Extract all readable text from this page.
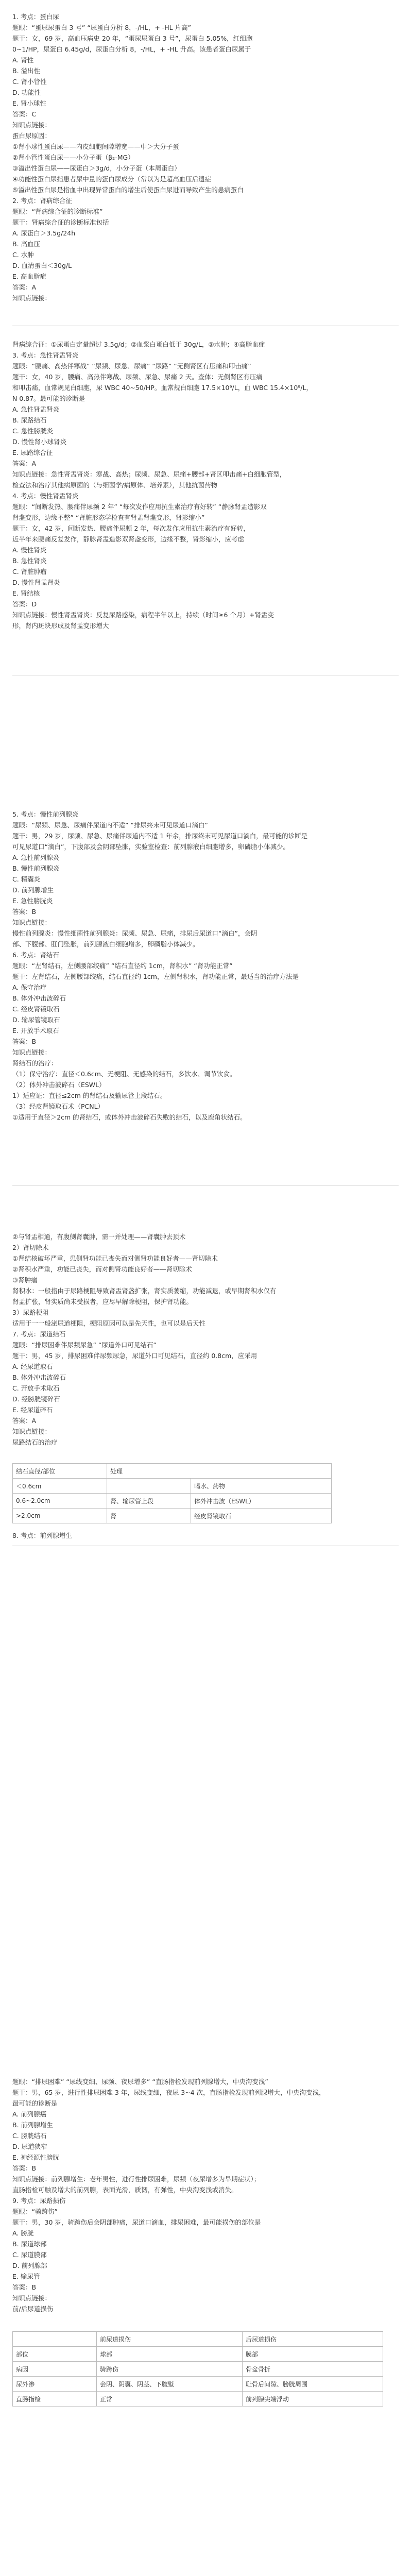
1. 考点：蛋白尿
题眼：“蛋尿尿蛋白 3 号” “尿蛋白分析 8，-/HL，+ -HL 片高”
题干：女，69 岁，高血压病史 20 年，“蛋尿尿蛋白 3 号”，尿蛋白 5.05%，红细胞
0~1/HP，尿蛋白 6.45g/d，尿蛋白分析 8，-/HL，+ -HL 升高。该患者蛋白尿属于
A. 肾性
B. 溢出性
C. 肾小管性
D. 功能性
E. 肾小球性
答案：C
知识点链接：
蛋白尿原因：
①肾小球性蛋白尿——内皮细胞间隙增宽——中＞大分子蛋
②肾小管性蛋白尿——小分子蛋（β₂-MG）
③溢出性蛋白尿——尿蛋白＞3g/d，小分子蛋（本周蛋白）
④功能性蛋白尿指患者尿中量的蛋白尿成分（常以为是超高血压后遗症
⑤溢出性蛋白尿是指血中出现异常蛋白的增生后使蛋白尿进而导致产生的患病蛋白
2. 考点：肾病综合征
题眼：“肾病综合征的诊断标准”
题干：肾病综合征的诊断标准包括
A. 尿蛋白＞3.5g/24h
B. 高血压
C. 水肿
D. 血清蛋白＜30g/L
E. 高血脂症
答案：A
知识点链接：
肾病综合征：①尿蛋白定量超过 3.5g/d；②血浆白蛋白低于 30g/L，③水肿；④高脂血症
3. 考点：急性肾盂肾炎
题眼：“腰痛、高热伴寒战” “尿频、尿急、尿痛” “尿路” “无侧肾区有压痛和叩击痛”
题干：女，40 岁，腰痛、高热伴寒战、尿频、尿急、尿痛 2 天。查体：无侧肾区有压痛
和叩击痛，血常规见白细胞，尿 WBC 40~50/HP。血常规白细胞 17.5×10⁹/L，血 WBC 15.4×10⁹/L，
N 0.87。最可能的诊断是
A. 急性肾盂肾炎
B. 尿路结石
C. 急性膀胱炎
D. 慢性肾小球肾炎
E. 尿路综合征
答案：A
知识点链接：急性肾盂肾炎：寒战、高热；尿频、尿急、尿痛+腰部+肾区叩击痛+白细胞管型，
检查法和治疗其他病原菌的（与细菌学/病原体、培养素），其他抗菌药物
4. 考点：慢性肾盂肾炎
题眼：“间断发热、腰痛伴尿频 2 年” “每次发作应用抗生素治疗有好转” “静脉肾盂造影双
肾盏变形，边缘不整” “肾脏形态学检查有肾盂肾盏变形，肾影缩小”
题干：女，42 岁，间断发热、腰痛伴尿频 2 年，每次发作应用抗生素治疗有好转，
近半年来腰痛反复发作，静脉肾盂造影双肾盏变形，边缘不整，肾影缩小，应考虑
A. 慢性肾炎
B. 急性肾炎
C. 肾脏肿瘤
D. 慢性肾盂肾炎
E. 肾结核
答案：D
知识点链接：慢性肾盂肾炎：反复尿路感染，病程半年以上，持续（时间≥6 个月）+肾盂变
形，肾内斑块形成及肾盂变形增大
5. 考点：慢性前列腺炎
题眼：“尿频、尿急、尿痛伴尿道内不适” “排尿终末可见尿道口滴白”
题干：男，29 岁，尿频、尿急、尿痛伴尿道内不适 1 年余，排尿终末可见尿道口滴白，最可能的诊断是
可见尿道口“滴白”，下腹部及会阴部坠胀，实验室检查：前列腺液白细胞增多，卵磷脂小体减少。
A. 急性前列腺炎
B. 慢性前列腺炎
C. 精囊炎
D. 前列腺增生
E. 急性膀胱炎
答案：B
知识点链接：
慢性前列腺炎：慢性细菌性前列腺炎：尿频、尿急、尿痛，排尿后尿道口“滴白”，会阴
部、下腹部、肛门坠胀，前列腺液白细胞增多，卵磷脂小体减少。
6. 考点：肾结石
题眼：“左肾结石，左侧腰部绞痛” “结石直径约 1cm，肾积水” “肾功能正常”
题干：左肾结石，左侧腰部绞痛，结石直径约 1cm，左侧肾积水，肾功能正常，最适当的治疗方法是
A. 保守治疗
B. 体外冲击波碎石
C. 经皮肾镜取石
D. 输尿管镜取石
E. 开放手术取石
答案：B
知识点链接：
肾结石的治疗：
（1）保守治疗：直径＜0.6cm、无梗阻、无感染的结石，多饮水、调节饮食。
（2）体外冲击波碎石（ESWL）
1）适应证：直径≤2cm 的肾结石及输尿管上段结石。
（3）经皮肾镜取石术（PCNL）
①适用于直径＞2cm 的肾结石，或体外冲击波碎石失败的结石，以及鹿角状结石。
②与肾盂相通，有腹侧肾囊肿，需一并处理——肾囊肿去顶术
2）肾切除术
①肾结核破坏严重，患侧肾功能已丧失而对侧肾功能良好者——肾切除术
②肾积水严重，功能已丧失，而对侧肾功能良好者——肾切除术
③肾肿瘤
肾积水：一般指由于尿路梗阻导致肾盂肾盏扩张，肾实质萎缩，功能减退，或早期肾积水仅有
肾盂扩张，肾实质尚未受损者，应尽早解除梗阻，保护肾功能。
3）尿路梗阻
适用于一一般泌尿道梗阻，梗阻原因可以是先天性，也可以是后天性
7. 考点：尿道结石
题眼：“排尿困难伴尿频尿急” “尿道外口可见结石”
题干：男，45 岁，排尿困难伴尿频尿急，尿道外口可见结石，直径约 0.8cm，应采用
A. 经尿道取石
B. 体外冲击波碎石
C. 开放手术取石
D. 经膀胱镜碎石
E. 经尿道碎石
答案：A
知识点链接：
尿路结石的治疗
结石直径/部位	处理	
＜0.6cm		喝水、药物
0.6~2.0cm	肾、输尿管上段	体外冲击波（ESWL）
>2.0cm	肾	经皮肾镜取石
8. 考点：前列腺增生
题眼：“排尿困难” “尿线变细、尿频、夜尿增多” “直肠指检发现前列腺增大，中央沟变浅”
题干：男，65 岁，进行性排尿困难 3 年，尿线变细，夜尿 3~4 次，直肠指检发现前列腺增大，中央沟变浅，
最可能的诊断是
A. 前列腺癌
B. 前列腺增生
C. 膀胱结石
D. 尿道狭窄
E. 神经源性膀胱
答案：B
知识点链接：前列腺增生：老年男性，进行性排尿困难，尿频（夜尿增多为早期症状）；
直肠指检可触及增大的前列腺，表面光滑，质韧，有弹性，中央沟变浅或消失。
9. 考点：尿路损伤
题眼：“骑跨伤”
题干：男，30 岁，骑跨伤后会阴部肿痛，尿道口滴血，排尿困难，最可能损伤的部位是
A. 膀胱
B. 尿道球部
C. 尿道膜部
D. 前列腺部
E. 输尿管
答案：B
知识点链接：
前/后尿道损伤
	前尿道损伤	后尿道损伤
部位	球部	膜部
病因	骑跨伤	骨盆骨折
尿外渗	会阴、阴囊、阴茎、下腹壁	耻骨后间隙、膀胱周围
直肠指检	正常	前列腺尖端浮动
